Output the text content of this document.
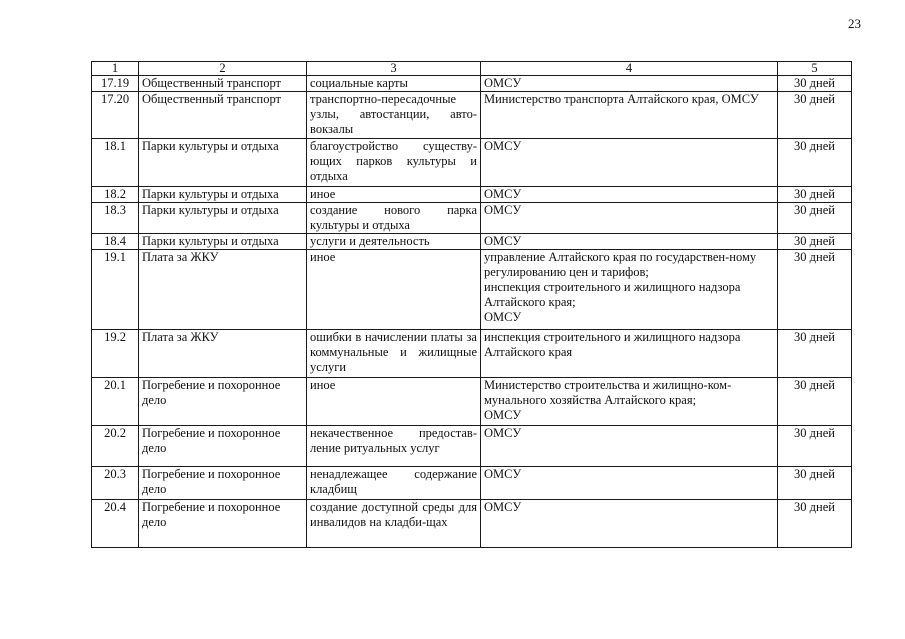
23
1	2	3	4	5
17.19	Общественный транспорт	социальные карты	ОМСУ	30 дней
17.20	Общественный транспорт	транспортно-пересадочные узлы, автостанции, авто-вокзалы	Министерство транспорта Алтайского края, ОМСУ	30 дней
18.1	Парки культуры и отдыха	благоустройство существу-ющих парков культуры и отдыха	ОМСУ	30 дней
18.2	Парки культуры и отдыха	иное	ОМСУ	30 дней
18.3	Парки культуры и отдыха	создание нового парка культуры и отдыха	ОМСУ	30 дней
18.4	Парки культуры и отдыха	услуги и деятельность	ОМСУ	30 дней
19.1	Плата за ЖКУ	иное	управление Алтайского края по государствен-ному регулированию цен и тарифов;
инспекция строительного и жилищного надзора Алтайского края;
ОМСУ	30 дней
19.2	Плата за ЖКУ	ошибки в начислении платы за коммунальные и жилищные услуги	инспекция строительного и жилищного надзора Алтайского края	30 дней
20.1	Погребение и похоронное дело	иное	Министерство строительства и жилищно-ком-мунального хозяйства Алтайского края;
ОМСУ	30 дней
20.2	Погребение и похоронное дело	некачественное предостав-ление ритуальных услуг	ОМСУ	30 дней
20.3	Погребение и похоронное дело	ненадлежащее содержание кладбищ	ОМСУ	30 дней
20.4	Погребение и похоронное дело	создание доступной среды для инвалидов на кладби-щах	ОМСУ	30 дней
